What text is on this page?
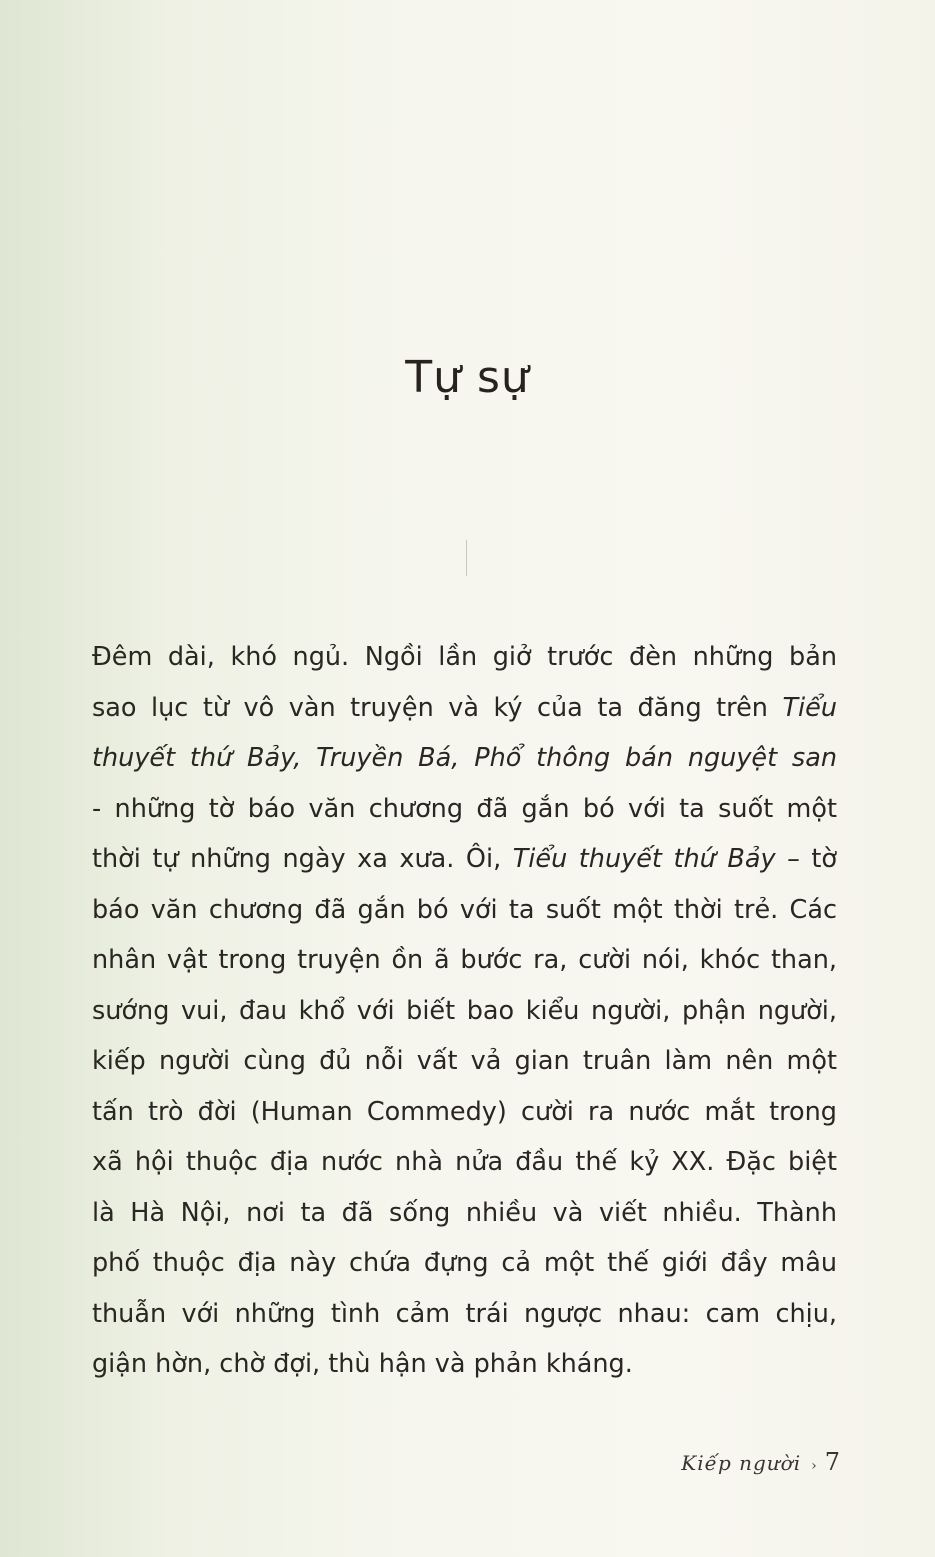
Tự sự
Đêm dài, khó ngủ. Ngồi lần giở trước đèn những bản
sao lục từ vô vàn truyện và ký của ta đăng trên Tiểu
thuyết thứ Bảy, Truyền Bá, Phổ thông bán nguyệt san
- những tờ báo văn chương đã gắn bó với ta suốt một
thời tự những ngày xa xưa. Ôi, Tiểu thuyết thứ Bảy – tờ
báo văn chương đã gắn bó với ta suốt một thời trẻ. Các
nhân vật trong truyện ồn ã bước ra, cười nói, khóc than,
sướng vui, đau khổ với biết bao kiểu người, phận người,
kiếp người cùng đủ nỗi vất vả gian truân làm nên một
tấn trò đời (Human Commedy) cười ra nước mắt trong
xã hội thuộc địa nước nhà nửa đầu thế kỷ XX. Đặc biệt
là Hà Nội, nơi ta đã sống nhiều và viết nhiều. Thành
phố thuộc địa này chứa đựng cả một thế giới đầy mâu
thuẫn với những tình cảm trái ngược nhau: cam chịu,
giận hờn, chờ đợi, thù hận và phản kháng.
Kiếp người › 7
